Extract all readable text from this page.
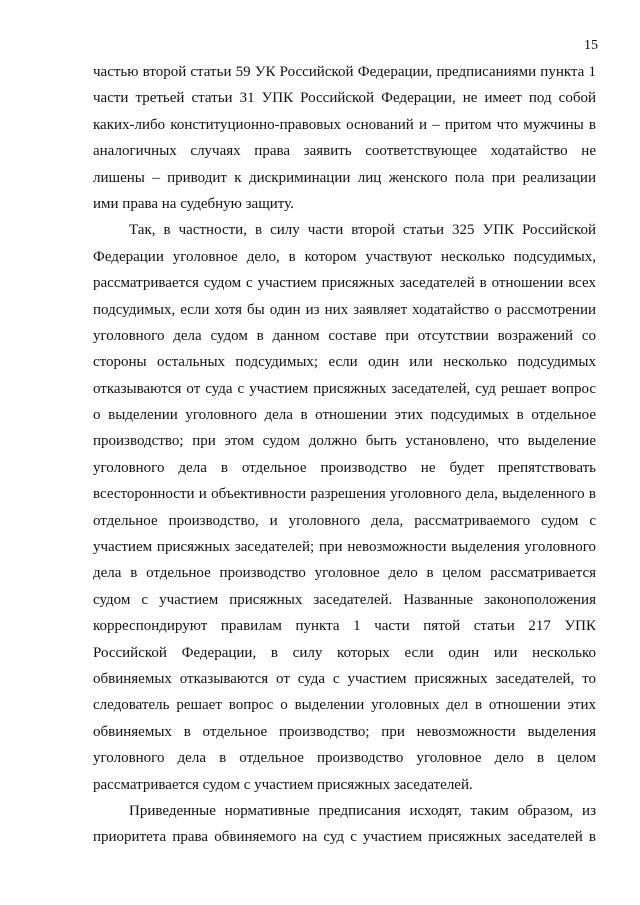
15
частью второй статьи 59 УК Российской Федерации, предписаниями пункта 1
части третьей статьи 31 УПК Российской Федерации, не имеет под собой
каких-либо конституционно-правовых оснований и – притом что мужчины в
аналогичных случаях права заявить соответствующее ходатайство не
лишены – приводит к дискриминации лиц женского пола при реализации
ими права на судебную защиту.
Так, в частности, в силу части второй статьи 325 УПК Российской
Федерации уголовное дело, в котором участвуют несколько подсудимых,
рассматривается судом с участием присяжных заседателей в отношении всех
подсудимых, если хотя бы один из них заявляет ходатайство о рассмотрении
уголовного дела судом в данном составе при отсутствии возражений со
стороны остальных подсудимых; если один или несколько подсудимых
отказываются от суда с участием присяжных заседателей, суд решает вопрос
о выделении уголовного дела в отношении этих подсудимых в отдельное
производство; при этом судом должно быть установлено, что выделение
уголовного дела в отдельное производство не будет препятствовать
всесторонности и объективности разрешения уголовного дела, выделенного в
отдельное производство, и уголовного дела, рассматриваемого судом с
участием присяжных заседателей; при невозможности выделения уголовного
дела в отдельное производство уголовное дело в целом рассматривается
судом с участием присяжных заседателей. Названные законоположения
корреспондируют правилам пункта 1 части пятой статьи 217 УПК
Российской Федерации, в силу которых если один или несколько
обвиняемых отказываются от суда с участием присяжных заседателей, то
следователь решает вопрос о выделении уголовных дел в отношении этих
обвиняемых в отдельное производство; при невозможности выделения
уголовного дела в отдельное производство уголовное дело в целом
рассматривается судом с участием присяжных заседателей.
Приведенные нормативные предписания исходят, таким образом, из
приоритета права обвиняемого на суд с участием присяжных заседателей в
